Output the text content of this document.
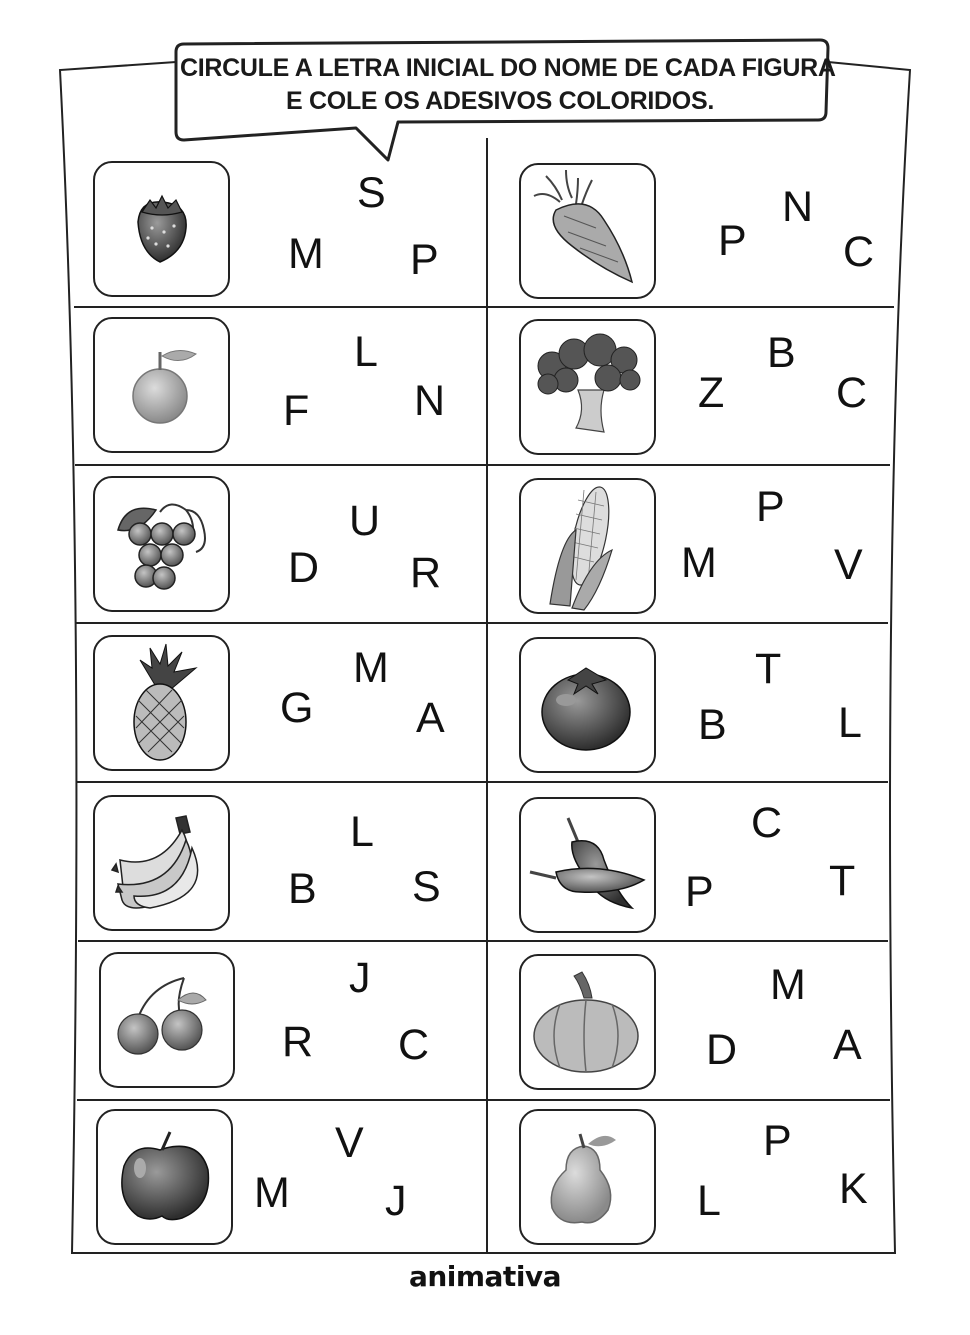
CIRCULE A LETRA INICIAL DO NOME DE CADA FIGURA
E COLE OS ADESIVOS COLORIDOS.
S
M P
L
F N
U
D R
M
G A
L
B S
J
R C
V
M J
N
P C
B
Z	C
P
M	V
T
B	L
C
P	T
M
D A
P
L	K
animativa
